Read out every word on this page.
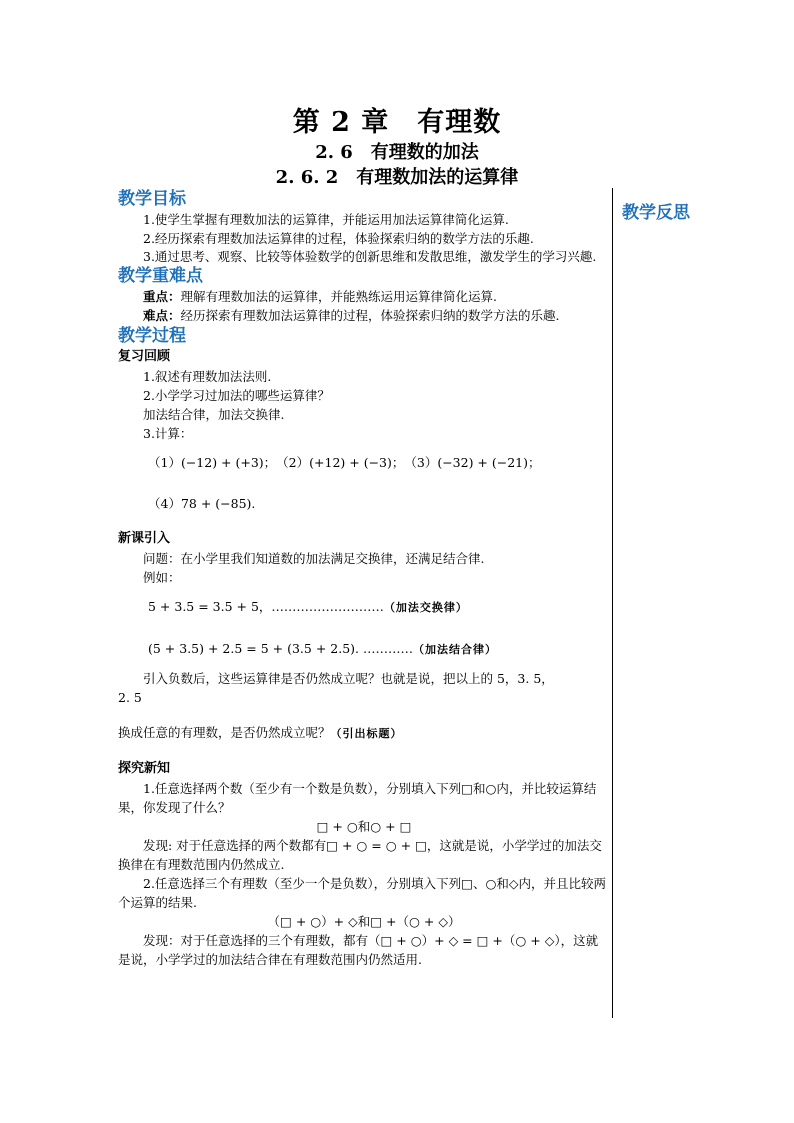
第 2 章　有理数
2. 6　有理数的加法
2. 6. 2　有理数加法的运算律
教学反思

教学目标

1.使学生掌握有理数加法的运算律，并能运用加法运算律简化运算.

2.经历探索有理数加法运算律的过程，体验探索归纳的数学方法的乐趣.

3.通过思考、观察、比较等体验数学的创新思维和发散思维，激发学生的学习兴趣.

教学重难点

重点：理解有理数加法的运算律，并能熟练运用运算律简化运算.

难点：经历探索有理数加法运算律的过程，体验探索归纳的数学方法的乐趣.

教学过程

复习回顾

1.叙述有理数加法法则.

2.小学学习过加法的哪些运算律？

加法结合律，加法交换律.

3.计算：

（1）(−12) + (+3)；　（2）(+12) + (−3)；　（3）(−32) + (−21)；

（4）78 + (−85).

新课引入

问题：在小学里我们知道数的加法满足交换律，还满足结合律.

例如：

5 + 3.5 = 3.5 + 5，………………………（加法交换律）

(5 + 3.5) + 2.5 = 5 + (3.5 + 2.5). …………（加法结合律）

引入负数后，这些运算律是否仍然成立呢？也就是说，把以上的 5，3. 5，

2. 5

换成任意的有理数，是否仍然成立呢？（引出标题）

探究新知

1.任意选择两个数（至少有一个数是负数），分别填入下列□和○内，并比较运算结果，你发现了什么？

□ + ○和○ + □

发现: 对于任意选择的两个数都有□ + ○ = ○ + □，这就是说，小学学过的加法交换律在有理数范围内仍然成立.

2.任意选择三个有理数（至少一个是负数），分别填入下列□、○和◇内，并且比较两个运算的结果.

（□ + ○）+ ◇和□ +（○ + ◇）

发现：对于任意选择的三个有理数，都有（□ + ○）+ ◇ = □ +（○ + ◇），这就是说，小学学过的加法结合律在有理数范围内仍然适用.
